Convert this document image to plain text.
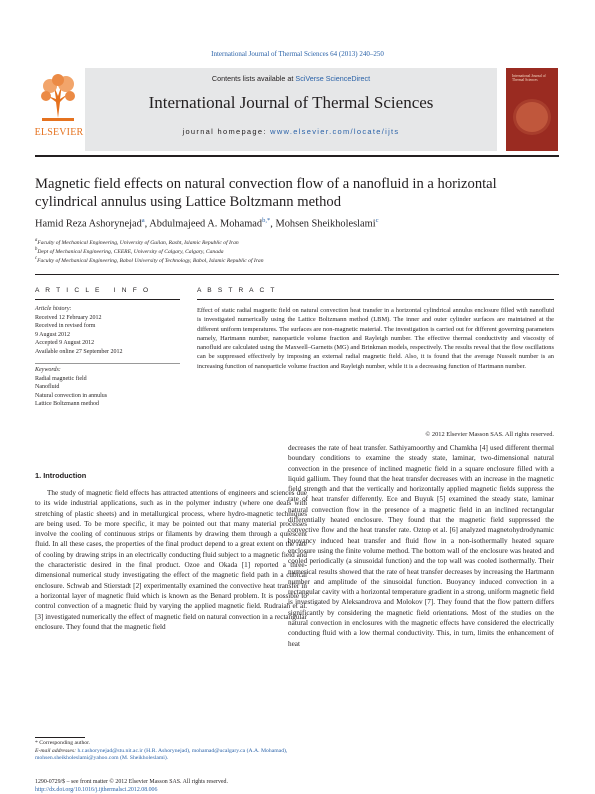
International Journal of Thermal Sciences 64 (2013) 240–250
Contents lists available at SciVerse ScienceDirect
International Journal of Thermal Sciences
journal homepage: www.elsevier.com/locate/ijts
ELSEVIER
International Journal of Thermal Sciences
Magnetic field effects on natural convection flow of a nanofluid in a horizontal cylindrical annulus using Lattice Boltzmann method
Hamid Reza Ashorynejad$^a$, Abdulmajeed A. Mohamad$^{b,*}$, Mohsen Sheikholeslami$^c$
$^a$Faculty of Mechanical Engineering, University of Guilan, Rasht, Islamic Republic of Iran
$^b$Dept of Mechanical Engineering, CEERE, University of Calgary, Calgary, Canada
$^c$Faculty of Mechanical Engineering, Babol University of Technology, Babol, Islamic Republic of Iran
A R T I C L E   I N F O
Article history:
Received 12 February 2012
Received in revised form
9 August 2012
Accepted 9 August 2012
Available online 27 September 2012
Keywords:
Radial magnetic field
Nanofluid
Natural convection in annulus
Lattice Boltzmann method
A B S T R A C T
Effect of static radial magnetic field on natural convection heat transfer in a horizontal cylindrical annulus enclosure filled with nanofluid is investigated numerically using the Lattice Boltzmann method (LBM). The inner and outer cylinder surfaces are maintained at the different uniform temperatures. The surfaces are non-magnetic material. The investigation is carried out for different governing parameters namely, Hartmann number, nanoparticle volume fraction and Rayleigh number. The effective thermal conductivity and viscosity of nanofluid are calculated using the Maxwell–Garnetts (MG) and Brinkman models, respectively. The results reveal that the flow oscillations can be suppressed effectively by imposing an external radial magnetic field. Also, it is found that the average Nusselt number is an increasing function of nanoparticle volume fraction and Rayleigh number, while it is a decreasing function of Hartmann number.
© 2012 Elsevier Masson SAS. All rights reserved.
1. Introduction

The study of magnetic field effects has attracted attentions of engineers and sciences due to its wide industrial applications, such as in the polymer industry (where one deals with stretching of plastic sheets) and in metallurgical process, where hydro-magnetic techniques are being used. To be more specific, it may be pointed out that many material processes involve the cooling of continuous strips or filaments by drawing them through a quiescent fluid. In all these cases, the properties of the final product depend to a great extent on the rate of cooling by drawing strips in an electrically conducting fluid subject to a magnetic field and the characteristic desired in the final product. Ozoe and Okada [1] reported a three-dimensional numerical study investigating the effect of the magnetic field path in a cubical enclosure. Schwab and Stierstadt [2] experimentally examined the convective heat transfer in a horizontal layer of magnetic fluid which is known as the Benard problem. It is possible to control convection of a magnetic fluid by varying the applied magnetic field. Rudraiah et al. [3] investigated numerically the effect of magnetic field on natural convection in a rectangular enclosure. They found that the magnetic field

decreases the rate of heat transfer. Sathiyamoorthy and Chamkha [4] used different thermal boundary conditions to examine the steady state, laminar, two-dimensional natural convection in the presence of inclined magnetic field in a square enclosure filled with a liquid gallium. They found that the heat transfer decreases with an increase in the magnetic field strength and that the vertically and horizontally applied magnetic fields suppress the rate of heat transfer differently. Ece and Buyuk [5] examined the steady state, laminar natural convection flow in the presence of a magnetic field in an inclined rectangular differentially heated enclosure. They found that the magnetic field suppressed the convective flow and the heat transfer rate. Oztop et al. [6] analyzed magnetohydrodynamic buoyancy induced heat transfer and fluid flow in a non-isothermally heated square enclosure using the finite volume method. The bottom wall of the enclosure was heated and cooled periodically (a sinusoidal function) and the top wall was cooled isothermally. Their numerical results showed that the rate of heat transfer decreases by increasing the Hartmann number and amplitude of the sinusoidal function. Buoyancy induced convection in a rectangular cavity with a horizontal temperature gradient in a strong, uniform magnetic field is investigated by Aleksandrova and Molokov [7]. They found that the flow pattern differs significantly by considering the magnetic field orientations. Most of the studies on the natural convection in enclosures with the magnetic effects have considered the electrically conducting fluid with a low thermal conductivity. This, in turn, limits the enhancement of heat

* Corresponding author.
E-mail addresses: h.r.ashorynejad@stu.nit.ac.ir (H.R. Ashorynejad), mohamad@ucalgary.ca (A.A. Mohamad), mohsen.sheikholeslami@yahoo.com (M. Sheikholeslami).
1290-0729/$ – see front matter © 2012 Elsevier Masson SAS. All rights reserved.
http://dx.doi.org/10.1016/j.ijthermalsci.2012.08.006
